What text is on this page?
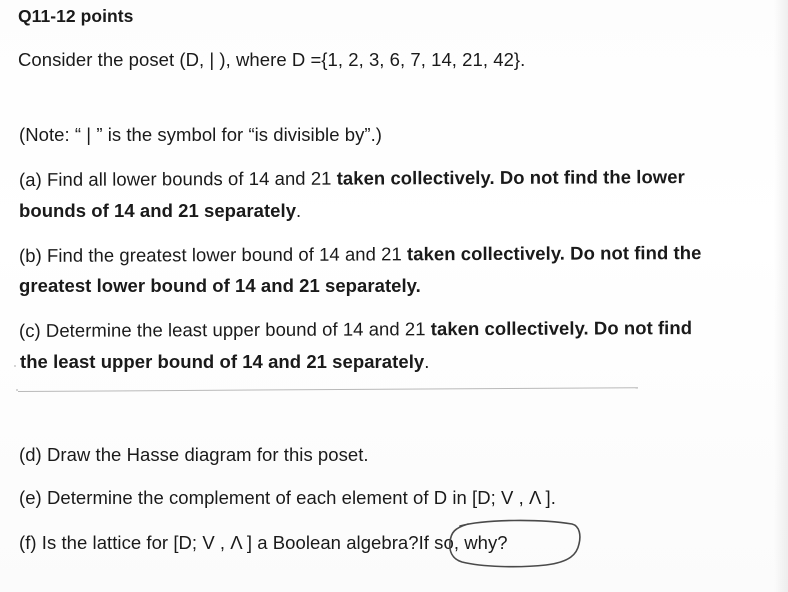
Q11-12 points
Consider the poset (D, | ), where D ={1, 2, 3, 6, 7, 14, 21, 42}.
(Note: “ | ” is the symbol for “is divisible by”.)
(a) Find all lower bounds of 14 and 21 taken collectively. Do not find the lower
bounds of 14 and 21 separately.
(b) Find the greatest lower bound of 14 and 21 taken collectively. Do not find the
greatest lower bound of 14 and 21 separately.
(c) Determine the least upper bound of 14 and 21 taken collectively. Do not find
the least upper bound of 14 and 21 separately.
(d) Draw the Hasse diagram for this poset.
(e) Determine the complement of each element of D in [D; V , Λ ].
(f) Is the lattice for [D; V , Λ ] a Boolean algebra?If so, why?
